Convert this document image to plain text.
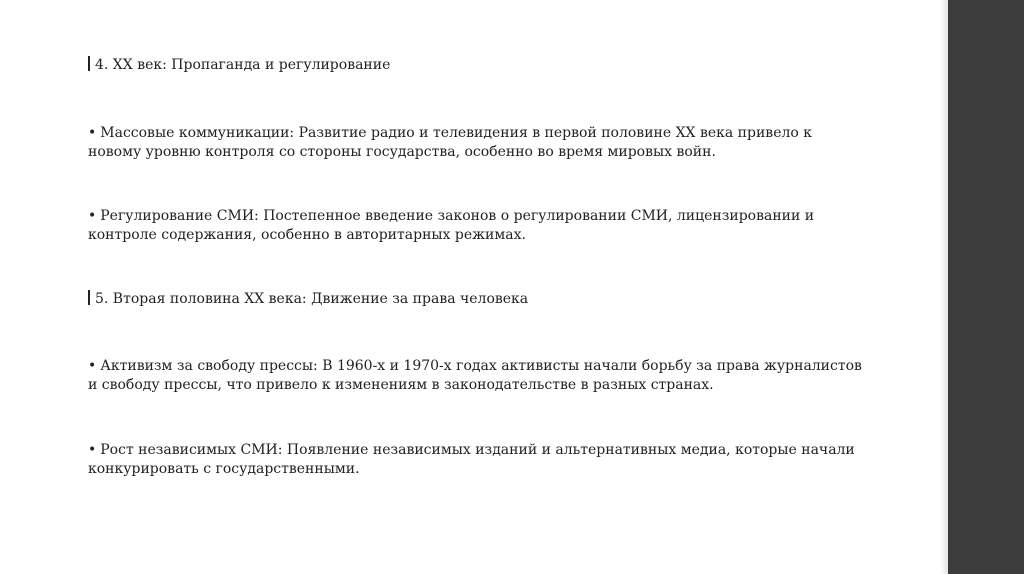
4. XX век: Пропаганда и регулирование
• Массовые коммуникации: Развитие радио и телевидения в первой половине XX века привело к
новому уровню контроля со стороны государства, особенно во время мировых войн.
• Регулирование СМИ: Постепенное введение законов о регулировании СМИ, лицензировании и
контроле содержания, особенно в авторитарных режимах.
5. Вторая половина XX века: Движение за права человека
• Активизм за свободу прессы: В 1960-х и 1970-х годах активисты начали борьбу за права журналистов
и свободу прессы, что привело к изменениям в законодательстве в разных странах.
• Рост независимых СМИ: Появление независимых изданий и альтернативных медиа, которые начали
конкурировать с государственными.
